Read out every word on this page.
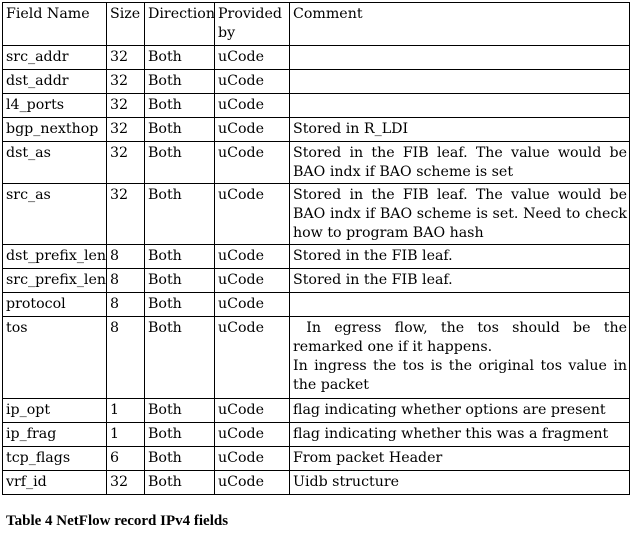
Field Name	Size	Direction	Provided by	Comment
src_addr	32	Both	uCode	
dst_addr	32	Both	uCode	
l4_ports	32	Both	uCode	
bgp_nexthop	32	Both	uCode	Stored in R_LDI
dst_as	32	Both	uCode	Stored in the FIB leaf. The value would be BAO indx if BAO scheme is set
src_as	32	Both	uCode	Stored in the FIB leaf. The value would be BAO indx if BAO scheme is set. Need to check how to program BAO hash
dst_prefix_len	8	Both	uCode	Stored in the FIB leaf.
src_prefix_len	8	Both	uCode	Stored in the FIB leaf.
protocol	8	Both	uCode	
tos	8	Both	uCode	In egress flow, the tos should be the remarked one if it happens.
In ingress the tos is the original tos value in the packet

ip_opt	1	Both	uCode	flag indicating whether options are present
ip_frag	1	Both	uCode	flag indicating whether this was a fragment
tcp_flags	6	Both	uCode	From packet Header
vrf_id	32	Both	uCode	Uidb structure
Table 4 NetFlow record IPv4 fields
